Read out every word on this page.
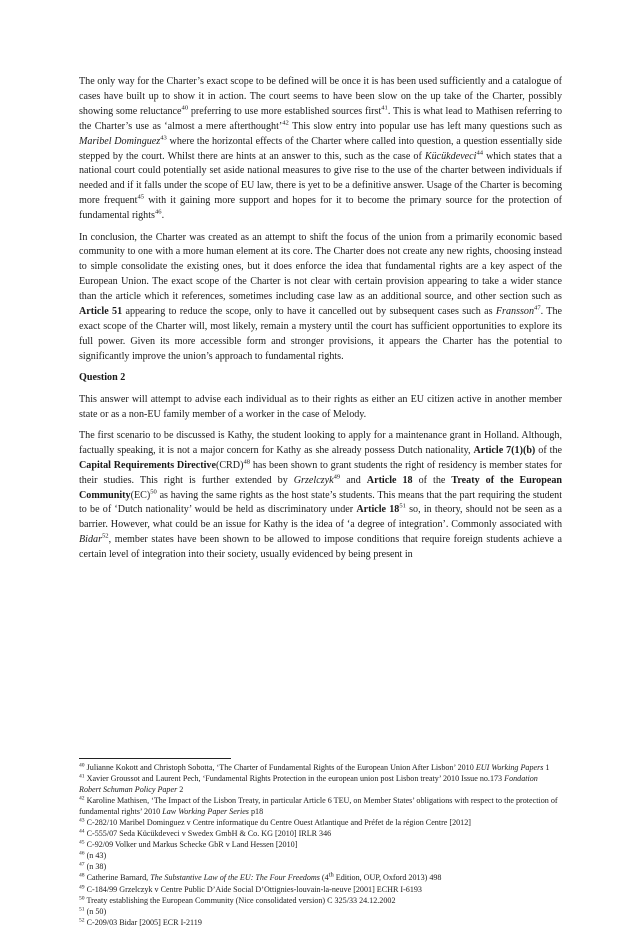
The only way for the Charter’s exact scope to be defined will be once it is has been used sufficiently and a catalogue of cases have built up to show it in action. The court seems to have been slow on the up take of the Charter, possibly showing some reluctance$^{40}$ preferring to use more established sources first$^{41}$. This is what lead to Mathisen referring to the Charter’s use as ‘almost a mere afterthought’$^{42}$ This slow entry into popular use has left many questions such as Maribel Dominguez$^{43}$ where the horizontal effects of the Charter where called into question, a question essentially side stepped by the court. Whilst there are hints at an answer to this, such as the case of Kücükdeveci$^{44}$ which states that a national court could potentially set aside national measures to give rise to the use of the charter between individuals if needed and if it falls under the scope of EU law, there is yet to be a definitive answer. Usage of the Charter is becoming more frequent$^{45}$ with it gaining more support and hopes for it to become the primary source for the protection of fundamental rights$^{46}$.

In conclusion, the Charter was created as an attempt to shift the focus of the union from a primarily economic based community to one with a more human element at its core. The Charter does not create any new rights, choosing instead to simple consolidate the existing ones, but it does enforce the idea that fundamental rights are a key aspect of the European Union. The exact scope of the Charter is not clear with certain provision appearing to take a wider stance than the article which it references, sometimes including case law as an additional source, and other section such as Article 51 appearing to reduce the scope, only to have it cancelled out by subsequent cases such as Fransson$^{47}$. The exact scope of the Charter will, most likely, remain a mystery until the court has sufficient opportunities to explore its full power. Given its more accessible form and stronger provisions, it appears the Charter has the potential to significantly improve the union’s approach to fundamental rights.

Question 2

This answer will attempt to advise each individual as to their rights as either an EU citizen active in another member state or as a non-EU family member of a worker in the case of Melody.

The first scenario to be discussed is Kathy, the student looking to apply for a maintenance grant in Holland. Although, factually speaking, it is not a major concern for Kathy as she already possess Dutch nationality, Article 7(1)(b) of the Capital Requirements Directive(CRD)$^{48}$ has been shown to grant students the right of residency is member states for their studies. This right is further extended by Grzelczyk$^{49}$ and Article 18 of the Treaty of the European Community(EC)$^{50}$ as having the same rights as the host state’s students. This means that the part requiring the student to be of ‘Dutch nationality’ would be held as discriminatory under Article $18^{51}$ so, in theory, should not be seen as a barrier. However, what could be an issue for Kathy is the idea of ‘a degree of integration’. Commonly associated with Bidar$^{52}$, member states have been shown to be allowed to impose conditions that require foreign students achieve a certain level of integration into their society, usually evidenced by being present in

$^{40}$ Julianne Kokott and Christoph Sobotta, ‘The Charter of Fundamental Rights of the European Union After Lisbon’ 2010 EUI Working Papers 1

$^{41}$ Xavier Groussot and Laurent Pech, ‘Fundamental Rights Protection in the european union post Lisbon treaty’ 2010 Issue no.173 Fondation Robert Schuman Policy Paper 2

$^{42}$ Karoline Mathisen, ‘The Impact of the Lisbon Treaty, in particular Article 6 TEU, on Member States’ obligations with respect to the protection of fundamental rights’ 2010 Law Working Paper Series p18

$^{43}$ C-282/10 Maribel Dominguez v Centre informatique du Centre Ouest Atlantique and Préfet de la région Centre [2012]

$^{44}$ C-555/07 Seda Kücükdeveci v Swedex GmbH & Co. KG [2010] IRLR 346

$^{45}$ C-92/09 Volker und Markus Schecke GbR v Land Hessen [2010]

$^{46}$ (n 43)

$^{47}$ (n 38)

$^{48}$ Catherine Barnard, The Substantive Law of the EU: The Four Freedoms (4th Edition, OUP, Oxford 2013) 498

$^{49}$ C-184/99 Grzelczyk v Centre Public D’Aide Social D’Ottignies-louvain-la-neuve [2001] ECHR I-6193

$^{50}$ Treaty establishing the European Community (Nice consolidated version) C 325/33 24.12.2002

$^{51}$ (n 50)

$^{52}$ C-209/03 Bidar [2005] ECR I-2119
